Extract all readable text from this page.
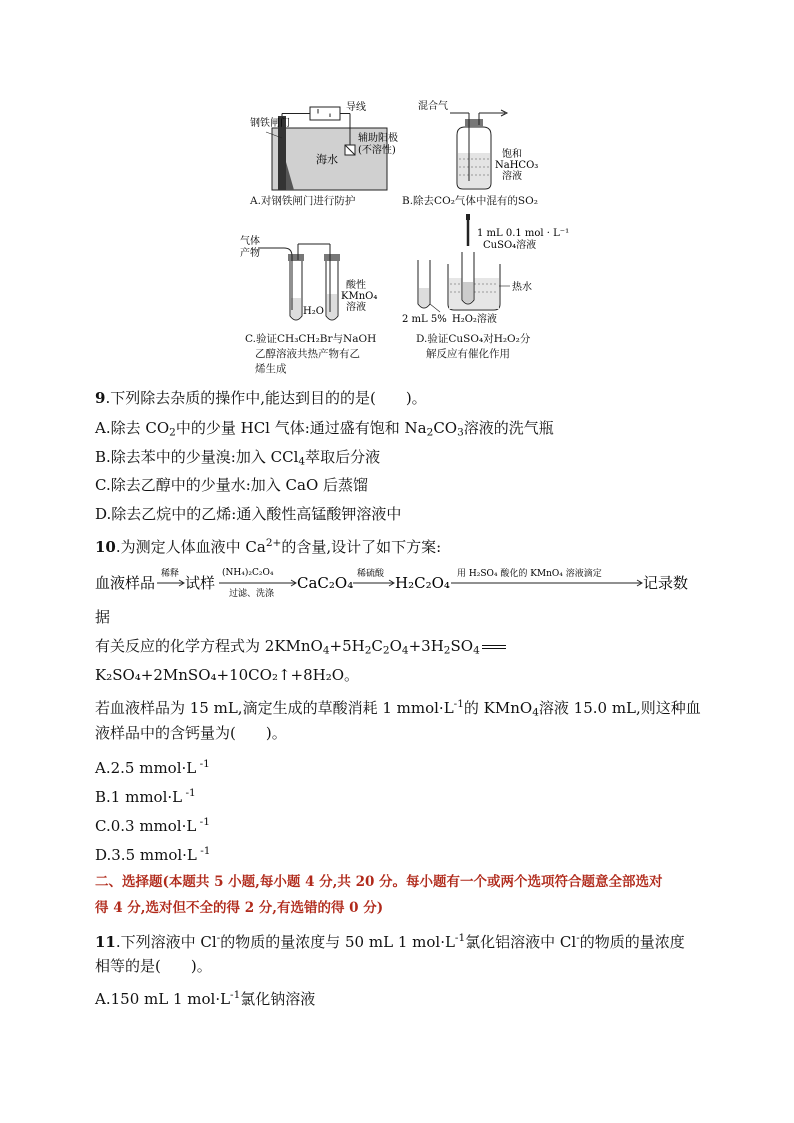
海水
导线
钢铁闸门
辅助阳极
(不溶性)
A.对钢铁闸门进行防护
混合气
饱和
NaHCO₃
溶液
B.除去CO₂气体中混有的SO₂
气体
产物
H₂O
酸性
KMnO₄
溶液
C.验证CH₃CH₂Br与NaOH
乙醇溶液共热产物有乙
烯生成
1 mL 0.1 mol · L⁻¹
CuSO₄溶液
热水
2 mL 5% H₂O₂溶液
D.验证CuSO₄对H₂O₂分
解反应有催化作用
9.下列除去杂质的操作中,能达到目的的是(　　)。
A.除去 $CO_2$中的少量 HCl 气体:通过盛有饱和 $Na_2CO_3$溶液的洗气瓶
B.除去苯中的少量溴:加入 CCl$_4$萃取后分液
C.除去乙醇中的少量水:加入 CaO 后蒸馏
D.除去乙烷中的乙烯:通入酸性高锰酸钾溶液中
10.为测定人体血液中 $Ca^{2+}$的含量,设计了如下方案:
血液样品 稀释 试样
(NH₄)₂C₂O₄
过滤、洗涤
CaC₂O₄ 稀硫酸 H₂C₂O₄ 用 H₂SO₄ 酸化的 KMnO₄ 溶液滴定	记录数
据
有关反应的化学方程式为 $2KMnO_4+5H_2C_2O_4+3H_2SO_4$
K₂SO₄+2MnSO₄+10CO₂↑+8H₂O。
若血液样品为 15 mL,滴定生成的草酸消耗 1 $mmol\cdot L^{-1}$的 KMnO$_4$溶液 15.0 mL,则这种血
液样品中的含钙量为(　　)。
A.2.5 mmol·L $^{-1}$
B.1 mmol·L $^{-1}$
C.0.3 mmol·L $^{-1}$
D.3.5 mmol·L $^{-1}$
二、选择题(本题共 5 小题,每小题 4 分,共 20 分。每小题有一个或两个选项符合题意全部选对
得 4 分,选对但不全的得 2 分,有选错的得 0 分)
11.下列溶液中 Cl-的物质的量浓度与 50 mL 1 $mol\cdot L^{-1}$氯化铝溶液中 Cl-的物质的量浓度
相等的是(　　)。
A.150 mL 1 $mol\cdot L^{-1}$氯化钠溶液
